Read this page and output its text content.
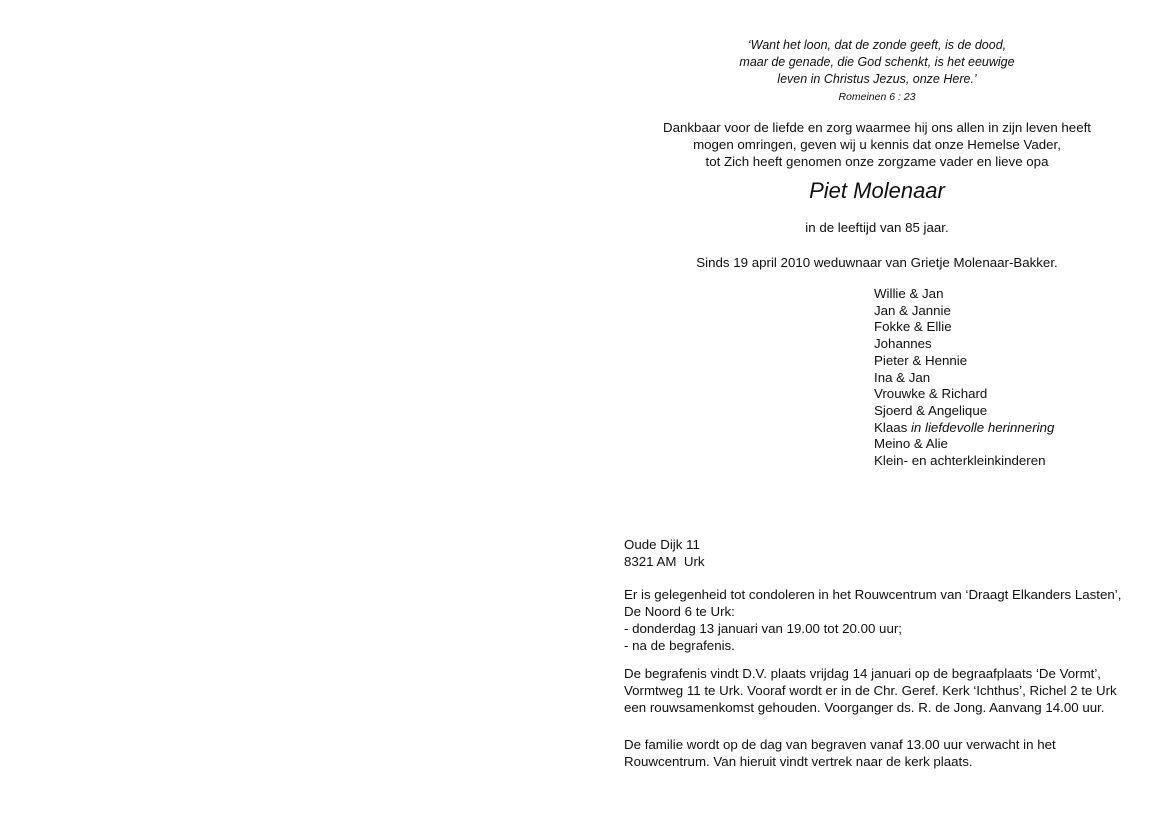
‘Want het loon, dat de zonde geeft, is de dood,
maar de genade, die God schenkt, is het eeuwige
leven in Christus Jezus, onze Here.’
Romeinen 6 : 23
Dankbaar voor de liefde en zorg waarmee hij ons allen in zijn leven heeft
mogen omringen, geven wij u kennis dat onze Hemelse Vader,
tot Zich heeft genomen onze zorgzame vader en lieve opa
Piet Molenaar
in de leeftijd van 85 jaar.
Sinds 19 april 2010 weduwnaar van Grietje Molenaar-Bakker.
Willie & Jan
Jan & Jannie
Fokke & Ellie
Johannes
Pieter & Hennie
Ina & Jan
Vrouwke & Richard
Sjoerd & Angelique
Klaas in liefdevolle herinnering
Meino & Alie
Klein- en achterkleinkinderen
Oude Dijk 11
8321 AM  Urk
Er is gelegenheid tot condoleren in het Rouwcentrum van ‘Draagt Elkanders Lasten’,
De Noord 6 te Urk:
- donderdag 13 januari van 19.00 tot 20.00 uur;
- na de begrafenis.
De begrafenis vindt D.V. plaats vrijdag 14 januari op de begraafplaats ‘De Vormt’,
Vormtweg 11 te Urk. Vooraf wordt er in de Chr. Geref. Kerk ‘Ichthus’, Richel 2 te Urk
een rouwsamenkomst gehouden. Voorganger ds. R. de Jong. Aanvang 14.00 uur.
De familie wordt op de dag van begraven vanaf 13.00 uur verwacht in het
Rouwcentrum. Van hieruit vindt vertrek naar de kerk plaats.
